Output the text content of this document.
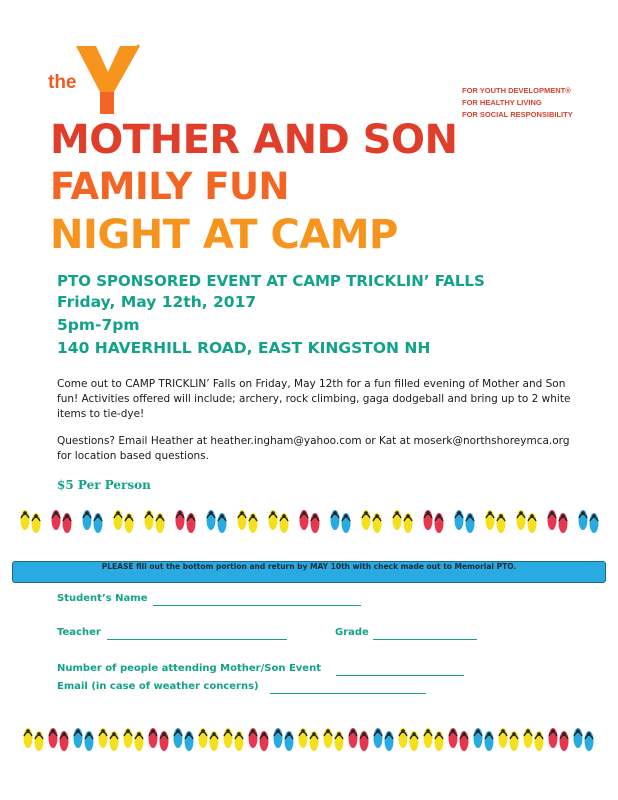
the
YMCA
FOR YOUTH DEVELOPMENT®
FOR HEALTHY LIVING
FOR SOCIAL RESPONSIBILITY
MOTHER AND SON
FAMILY FUN
NIGHT AT CAMP
PTO SPONSORED EVENT AT CAMP TRICKLIN’ FALLS
Friday, May 12th, 2017
5pm-7pm
140 HAVERHILL ROAD, EAST KINGSTON NH
Come out to CAMP TRICKLIN’ Falls on Friday, May 12th for a fun filled evening of Mother and Son fun! Activities offered will include; archery, rock climbing, gaga dodgeball and bring up to 2 white items to tie-dye!
Questions? Email Heather at heather.ingham@yahoo.com or Kat at moserk@northshoreymca.org for location based questions.
$5 Per Person
PLEASE fill out the bottom portion and return by MAY 10th with check made out to Memorial PTO.
Student’s Name
Teacher	Grade
Number of people attending Mother/Son Event
Email (in case of weather concerns)
